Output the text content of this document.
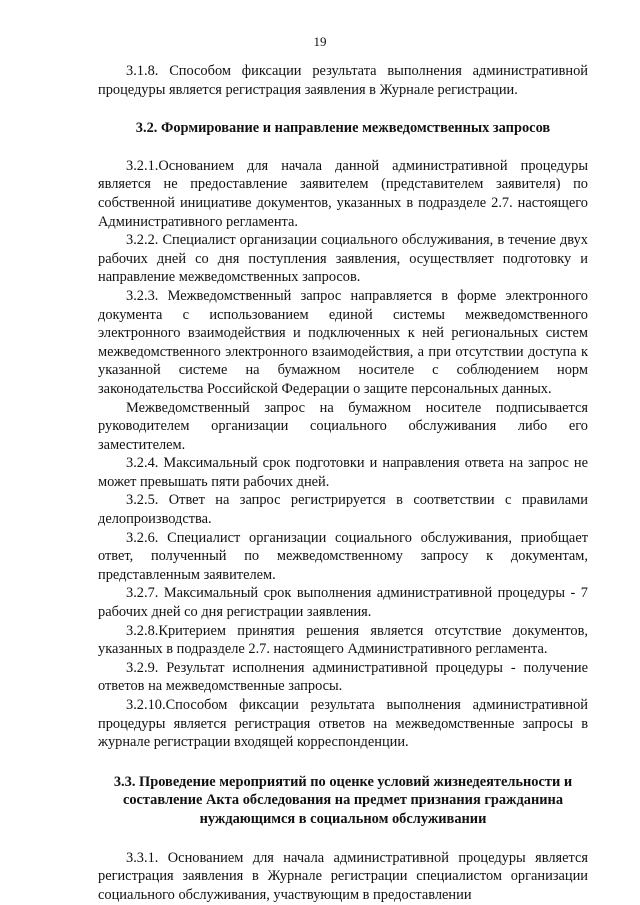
19

3.1.8. Способом фиксации результата выполнения административной процедуры является регистрация заявления в Журнале регистрации.

3.2. Формирование и направление межведомственных запросов

3.2.1.Основанием для начала данной административной процедуры является не предоставление заявителем (представителем заявителя) по собственной инициативе документов, указанных в подразделе 2.7. настоящего Административного регламента.

3.2.2. Специалист организации социального обслуживания, в течение двух рабочих дней со дня поступления заявления, осуществляет подготовку и направление межведомственных запросов.

3.2.3. Межведомственный запрос направляется в форме электронного документа с использованием единой системы межведомственного электронного взаимодействия и подключенных к ней региональных систем межведомственного электронного взаимодействия, а при отсутствии доступа к указанной системе на бумажном носителе с соблюдением норм законодательства Российской Федерации о защите персональных данных.

Межведомственный запрос на бумажном носителе подписывается руководителем организации социального обслуживания либо его заместителем.

3.2.4. Максимальный срок подготовки и направления ответа на запрос не может превышать пяти рабочих дней.

3.2.5. Ответ на запрос регистрируется в соответствии с правилами делопроизводства.

3.2.6. Специалист организации социального обслуживания, приобщает ответ, полученный по межведомственному запросу к документам, представленным заявителем.

3.2.7. Максимальный срок выполнения административной процедуры - 7 рабочих дней со дня регистрации заявления.

3.2.8.Критерием принятия решения является отсутствие документов, указанных в подразделе 2.7. настоящего Административного регламента.

3.2.9. Результат исполнения административной процедуры - получение ответов на межведомственные запросы.

3.2.10.Способом фиксации результата выполнения административной процедуры является регистрация ответов на межведомственные запросы в журнале регистрации входящей корреспонденции.

3.3. Проведение мероприятий по оценке условий жизнедеятельности и составление Акта обследования на предмет признания гражданина нуждающимся в социальном обслуживании

3.3.1. Основанием для начала административной процедуры является регистрация заявления в Журнале регистрации специалистом организации социального обслуживания, участвующим в предоставлении
